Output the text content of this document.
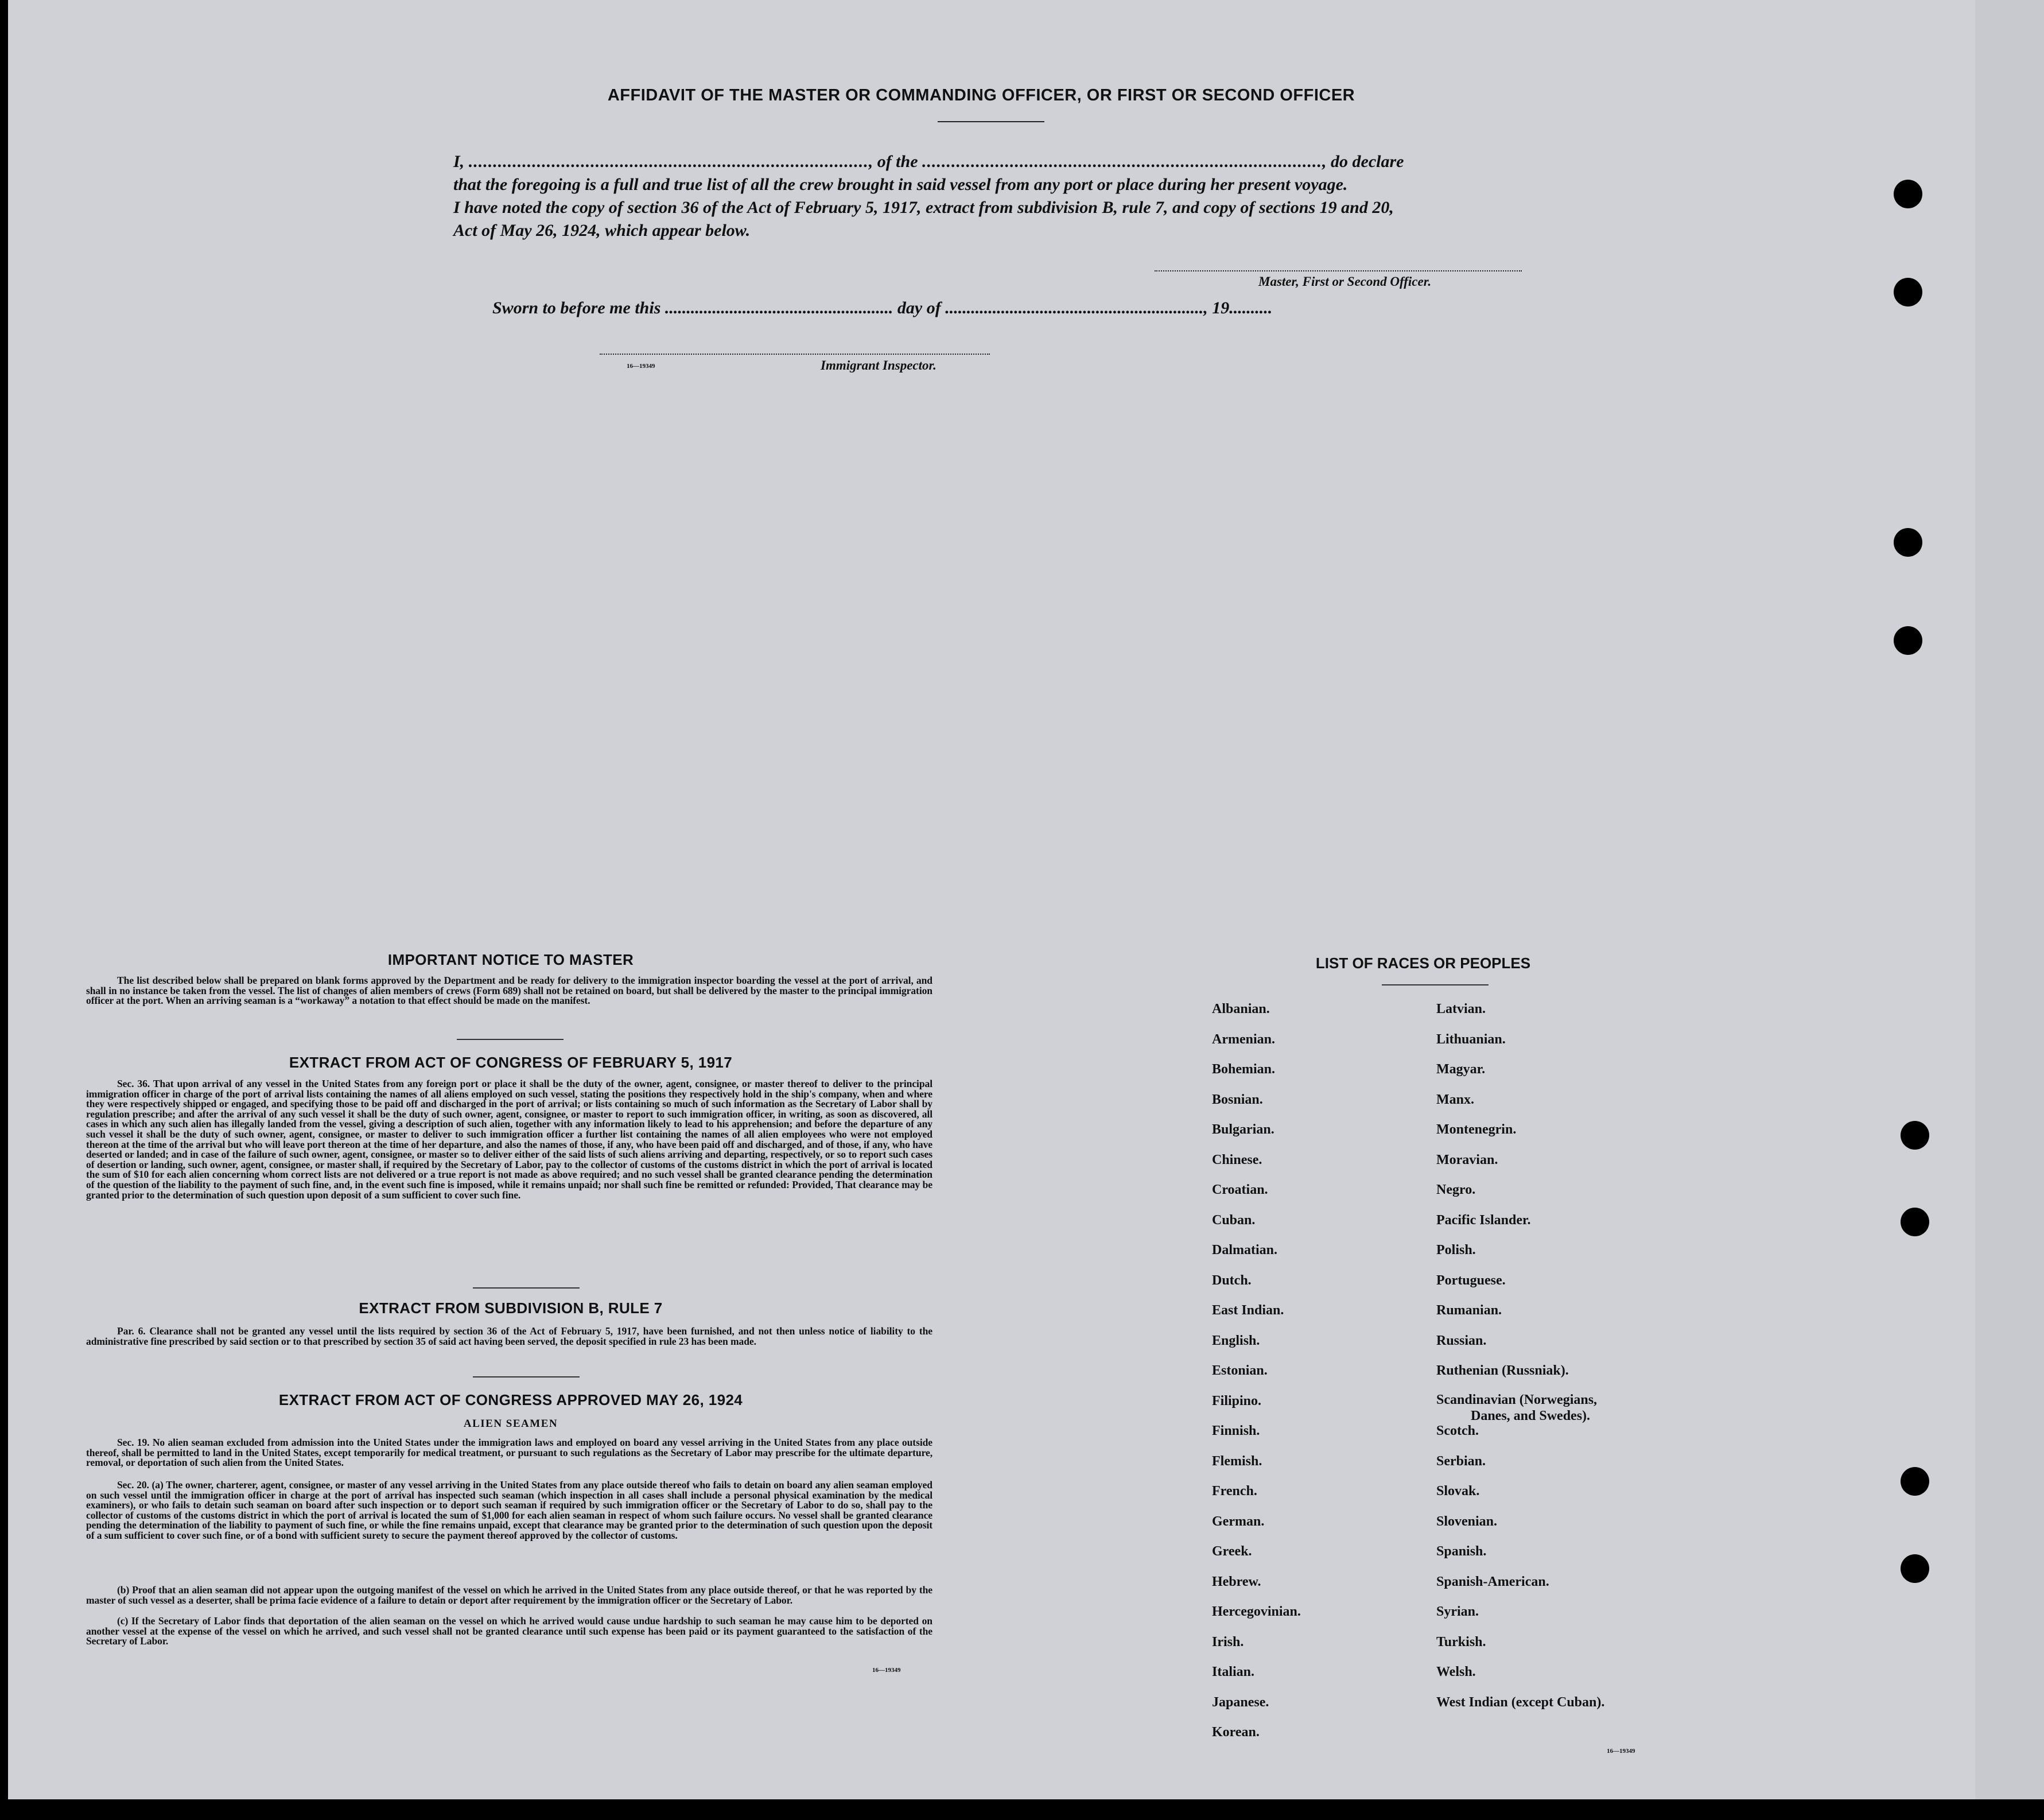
AFFIDAVIT OF THE MASTER OR COMMANDING OFFICER, OR FIRST OR SECOND OFFICER
I, .................................................................................., of the .................................................................................., do declare
that the foregoing is a full and true list of all the crew brought in said vessel from any port or place during her present voyage.
I have noted the copy of section 36 of the Act of February 5, 1917, extract from subdivision B, rule 7, and copy of sections 19 and 20,
Act of May 26, 1924, which appear below.
Master, First or Second Officer.
Sworn to before me this ..................................................... day of ............................................................, 19..........
16—19349	Immigrant Inspector.
IMPORTANT NOTICE TO MASTER
The list described below shall be prepared on blank forms approved by the Department and be ready for delivery to the immigration inspector boarding the vessel at the port of arrival, and shall in no instance be taken from the vessel. The list of changes of alien members of crews (Form 689) shall not be retained on board, but shall be delivered by the master to the principal immigration officer at the port. When an arriving seaman is a “workaway” a notation to that effect should be made on the manifest.
EXTRACT FROM ACT OF CONGRESS OF FEBRUARY 5, 1917
Sec. 36. That upon arrival of any vessel in the United States from any foreign port or place it shall be the duty of the owner, agent, consignee, or master thereof to deliver to the principal immigration officer in charge of the port of arrival lists containing the names of all aliens employed on such vessel, stating the positions they respectively hold in the ship's company, when and where they were respectively shipped or engaged, and specifying those to be paid off and discharged in the port of arrival; or lists containing so much of such information as the Secretary of Labor shall by regulation prescribe; and after the arrival of any such vessel it shall be the duty of such owner, agent, consignee, or master to report to such immigration officer, in writing, as soon as discovered, all cases in which any such alien has illegally landed from the vessel, giving a description of such alien, together with any information likely to lead to his apprehension; and before the departure of any such vessel it shall be the duty of such owner, agent, consignee, or master to deliver to such immigration officer a further list containing the names of all alien employees who were not employed thereon at the time of the arrival but who will leave port thereon at the time of her departure, and also the names of those, if any, who have been paid off and discharged, and of those, if any, who have deserted or landed; and in case of the failure of such owner, agent, consignee, or master so to deliver either of the said lists of such aliens arriving and departing, respectively, or so to report such cases of desertion or landing, such owner, agent, consignee, or master shall, if required by the Secretary of Labor, pay to the collector of customs of the customs district in which the port of arrival is located the sum of $10 for each alien concerning whom correct lists are not delivered or a true report is not made as above required; and no such vessel shall be granted clearance pending the determination of the question of the liability to the payment of such fine, and, in the event such fine is imposed, while it remains unpaid; nor shall such fine be remitted or refunded: Provided, That clearance may be granted prior to the determination of such question upon deposit of a sum sufficient to cover such fine.
EXTRACT FROM SUBDIVISION B, RULE 7
Par. 6. Clearance shall not be granted any vessel until the lists required by section 36 of the Act of February 5, 1917, have been furnished, and not then unless notice of liability to the administrative fine prescribed by said section or to that prescribed by section 35 of said act having been served, the deposit specified in rule 23 has been made.
EXTRACT FROM ACT OF CONGRESS APPROVED MAY 26, 1924
ALIEN SEAMEN
Sec. 19. No alien seaman excluded from admission into the United States under the immigration laws and employed on board any vessel arriving in the United States from any place outside thereof, shall be permitted to land in the United States, except temporarily for medical treatment, or pursuant to such regulations as the Secretary of Labor may prescribe for the ultimate departure, removal, or deportation of such alien from the United States.
Sec. 20. (a) The owner, charterer, agent, consignee, or master of any vessel arriving in the United States from any place outside thereof who fails to detain on board any alien seaman employed on such vessel until the immigration officer in charge at the port of arrival has inspected such seaman (which inspection in all cases shall include a personal physical examination by the medical examiners), or who fails to detain such seaman on board after such inspection or to deport such seaman if required by such immigration officer or the Secretary of Labor to do so, shall pay to the collector of customs of the customs district in which the port of arrival is located the sum of $1,000 for each alien seaman in respect of whom such failure occurs. No vessel shall be granted clearance pending the determination of the liability to payment of such fine, or while the fine remains unpaid, except that clearance may be granted prior to the determination of such question upon the deposit of a sum sufficient to cover such fine, or of a bond with sufficient surety to secure the payment thereof approved by the collector of customs.
(b) Proof that an alien seaman did not appear upon the outgoing manifest of the vessel on which he arrived in the United States from any place outside thereof, or that he was reported by the master of such vessel as a deserter, shall be prima facie evidence of a failure to detain or deport after requirement by the immigration officer or the Secretary of Labor.
(c) If the Secretary of Labor finds that deportation of the alien seaman on the vessel on which he arrived would cause undue hardship to such seaman he may cause him to be deported on another vessel at the expense of the vessel on which he arrived, and such vessel shall not be granted clearance until such expense has been paid or its payment guaranteed to the satisfaction of the Secretary of Labor.
16—19349
LIST OF RACES OR PEOPLES
16—19349
Albanian.
Armenian.
Bohemian.
Bosnian.
Bulgarian.
Chinese.
Croatian.
Cuban.
Dalmatian.
Dutch.
East Indian.
English.
Estonian.
Filipino.
Finnish.
Flemish.
French.
German.
Greek.
Hebrew.
Hercegovinian.
Irish.
Italian.
Japanese.
Korean.
Latvian.
Lithuanian.
Magyar.
Manx.
Montenegrin.
Moravian.
Negro.
Pacific Islander.
Polish.
Portuguese.
Rumanian.
Russian.
Ruthenian (Russniak).
Scandinavian (Norwegians,
Danes, and Swedes).
Scotch.
Serbian.
Slovak.
Slovenian.
Spanish.
Spanish-American.
Syrian.
Turkish.
Welsh.
West Indian (except Cuban).
